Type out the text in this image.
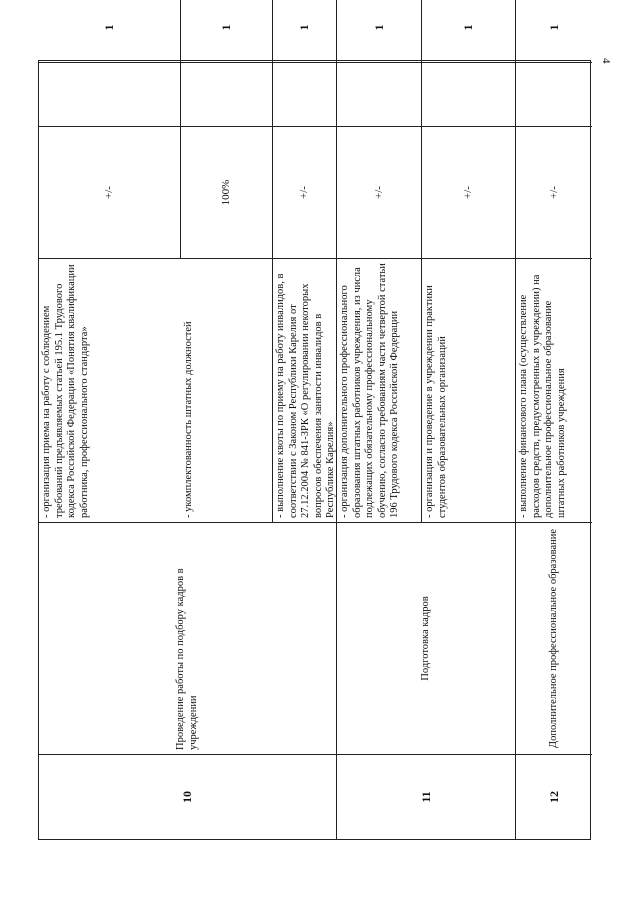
4
10
Проведение работы по подбору кадров в учреждении
- организация приема на работу с соблюдением требований предъявляемых статьей 195.1 Трудового кодекса Российской Федерации «Понятия квалификации работника, профессионального стандарта»
+/-
1
- укомплектованность штатных должностей
100%
1
- выполнение квоты по приему на работу инвалидов, в соответствии с Законом Республики Карелия от 27.12.2004 № 841-ЗРК «О регулировании некоторых вопросов обеспечения занятости инвалидов в Республике Карелия»
+/-
1
11
Подготовка кадров
- организация дополнительного профессионального образования штатных работников учреждения, из числа подлежащих обязательному профессиональному обучению, согласно требованиям части четвертой статьи 196 Трудового кодекса Российской Федерации
+/-
1
- организация и проведение в учреждении практики студентов образовательных организаций
+/-
1
12
Дополнительное профессиональное образование
- выполнение финансового плана (осуществление расходов средств, предусмотренных в учреждении) на дополнительное профессиональное образование штатных работников учреждения
+/-
1
